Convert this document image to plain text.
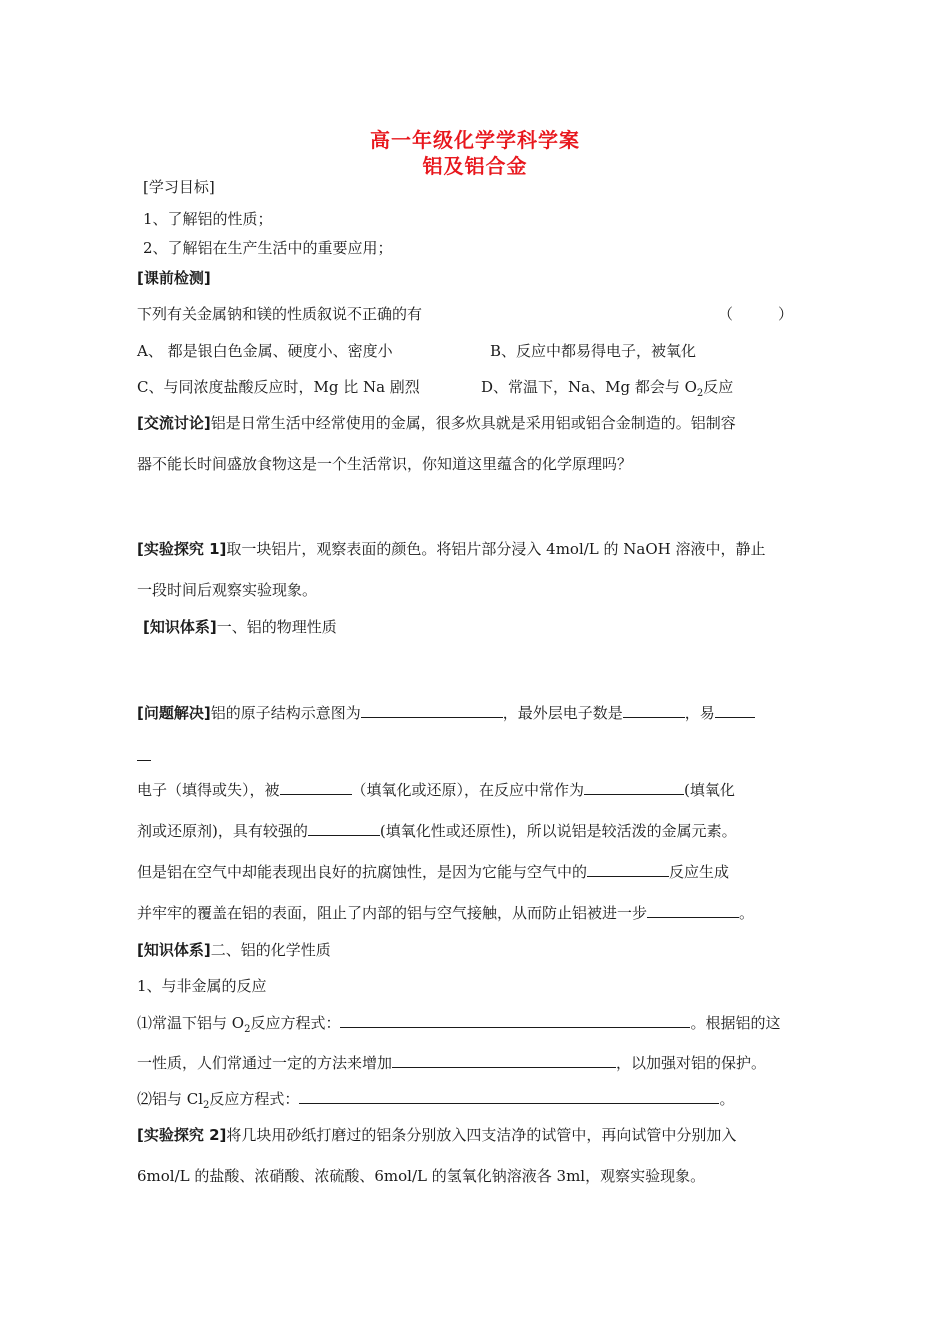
高一年级化学学科学案
铝及铝合金
[学习目标]
1、了解铝的性质；
2、了解铝在生产生活中的重要应用；
[课前检测]
下列有关金属钠和镁的性质叙说不正确的有	（　　　）
A、 都是银白色金属、硬度小、密度小	B、反应中都易得电子，被氧化
C、与同浓度盐酸反应时，Mg 比 Na 剧烈	D、常温下，Na、Mg 都会与 $O_2$反应
[交流讨论]铝是日常生活中经常使用的金属，很多炊具就是采用铝或铝合金制造的。铝制容
器不能长时间盛放食物这是一个生活常识，你知道这里蕴含的化学原理吗？
[实验探究 1]取一块铝片，观察表面的颜色。将铝片部分浸入 4mol/L 的 NaOH 溶液中，静止
一段时间后观察实验现象。
[知识体系]一、铝的物理性质
[问题解决]铝的原子结构示意图为	，最外层电子数是	，易
电子（填得或失），被	（填氧化或还原），在反应中常作为	(填氧化
剂或还原剂)，具有较强的	(填氧化性或还原性)，所以说铝是较活泼的金属元素。
但是铝在空气中却能表现出良好的抗腐蚀性，是因为它能与空气中的	反应生成
并牢牢的覆盖在铝的表面，阻止了内部的铝与空气接触，从而防止铝被进一步	。
[知识体系]二、铝的化学性质
1、与非金属的反应
⑴常温下铝与 $O_2$反应方程式：	。根据铝的这
一性质，人们常通过一定的方法来增加	，以加强对铝的保护。
⑵铝与 $Cl_2$反应方程式：	。
[实验探究 2]将几块用砂纸打磨过的铝条分别放入四支洁净的试管中，再向试管中分别加入
6mol/L 的盐酸、浓硝酸、浓硫酸、6mol/L 的氢氧化钠溶液各 3ml，观察实验现象。
